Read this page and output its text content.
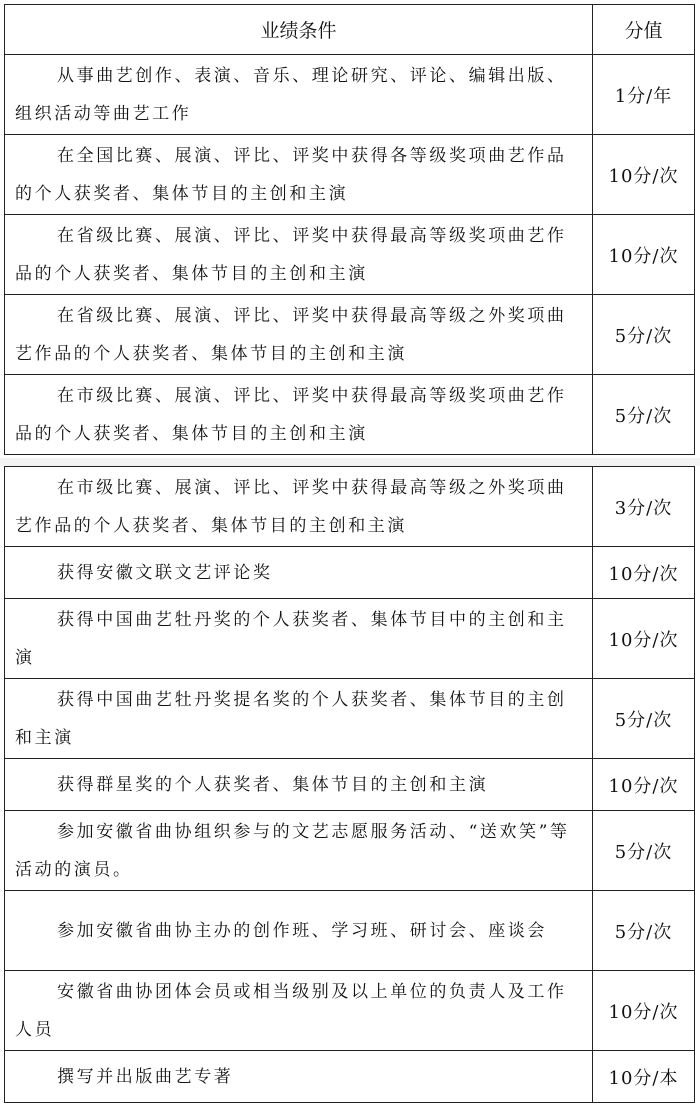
业绩条件	分值
从事曲艺创作、表演、音乐、理论研究、评论、编辑出版、组织活动等曲艺工作	1分/年
在全国比赛、展演、评比、评奖中获得各等级奖项曲艺作品的个人获奖者、集体节目的主创和主演	10分/次
在省级比赛、展演、评比、评奖中获得最高等级奖项曲艺作品的个人获奖者、集体节目的主创和主演	10分/次
在省级比赛、展演、评比、评奖中获得最高等级之外奖项曲艺作品的个人获奖者、集体节目的主创和主演	5分/次
在市级比赛、展演、评比、评奖中获得最高等级奖项曲艺作品的个人获奖者、集体节目的主创和主演	5分/次
在市级比赛、展演、评比、评奖中获得最高等级之外奖项曲艺作品的个人获奖者、集体节目的主创和主演	3分/次
获得安徽文联文艺评论奖	10分/次
获得中国曲艺牡丹奖的个人获奖者、集体节目中的主创和主演	10分/次
获得中国曲艺牡丹奖提名奖的个人获奖者、集体节目的主创和主演	5分/次
获得群星奖的个人获奖者、集体节目的主创和主演	10分/次
参加安徽省曲协组织参与的文艺志愿服务活动、“送欢笑”等活动的演员。	5分/次
参加安徽省曲协主办的创作班、学习班、研讨会、座谈会	5分/次
安徽省曲协团体会员或相当级别及以上单位的负责人及工作人员	10分/次
撰写并出版曲艺专著	10分/本
